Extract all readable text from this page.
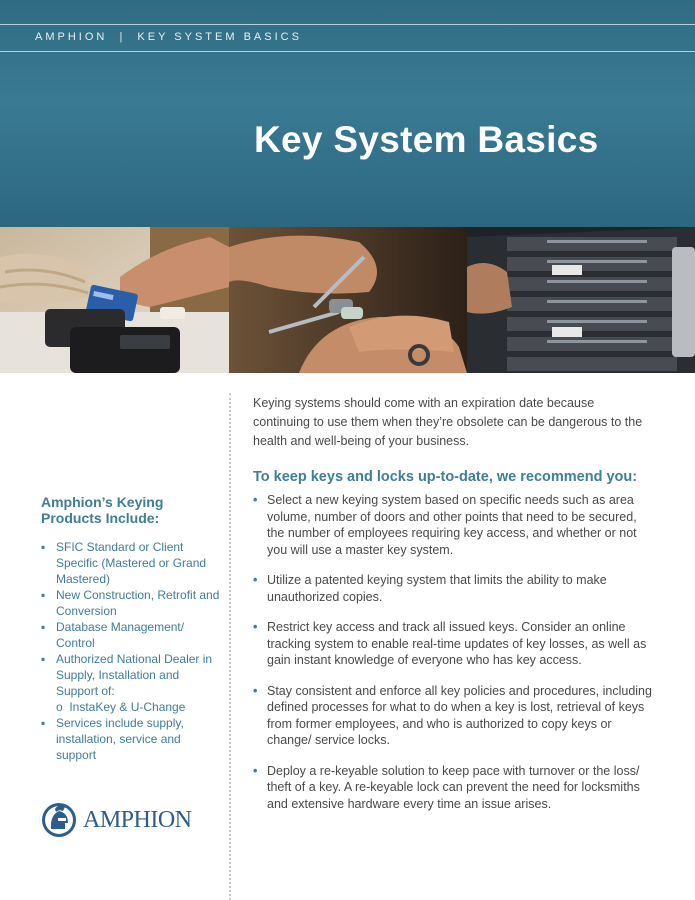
AMPHION  |  KEY SYSTEM BASICS
Key System Basics
Amphion’s Keying Products Include:
▪ SFIC Standard or Client Specific (Mastered or Grand Mastered)
▪ New Construction, Retrofit and Conversion
▪ Database Management/ Control
▪ Authorized National Dealer in Supply, Installation and Support of:
o  InstaKey & U-Change
▪ Services include supply, installation, service and support
AMPHION

Keying systems should come with an expiration date because continuing to use them when they’re obsolete can be dangerous to the health and well-being of your business.

To keep keys and locks up-to-date, we recommend you:
• Select a new keying system based on specific needs such as area volume, number of doors and other points that need to be secured, the number of employees requiring key access, and whether or not you will use a master key system.
• Utilize a patented keying system that limits the ability to make unauthorized copies.
• Restrict key access and track all issued keys. Consider an online tracking system to enable real-time updates of key losses, as well as gain instant knowledge of everyone who has key access.
• Stay consistent and enforce all key policies and procedures, including defined processes for what to do when a key is lost, retrieval of keys from former employees, and who is authorized to copy keys or change/ service locks.
• Deploy a re-keyable solution to keep pace with turnover or the loss/ theft of a key. A re-keyable lock can prevent the need for locksmiths and extensive hardware every time an issue arises.
